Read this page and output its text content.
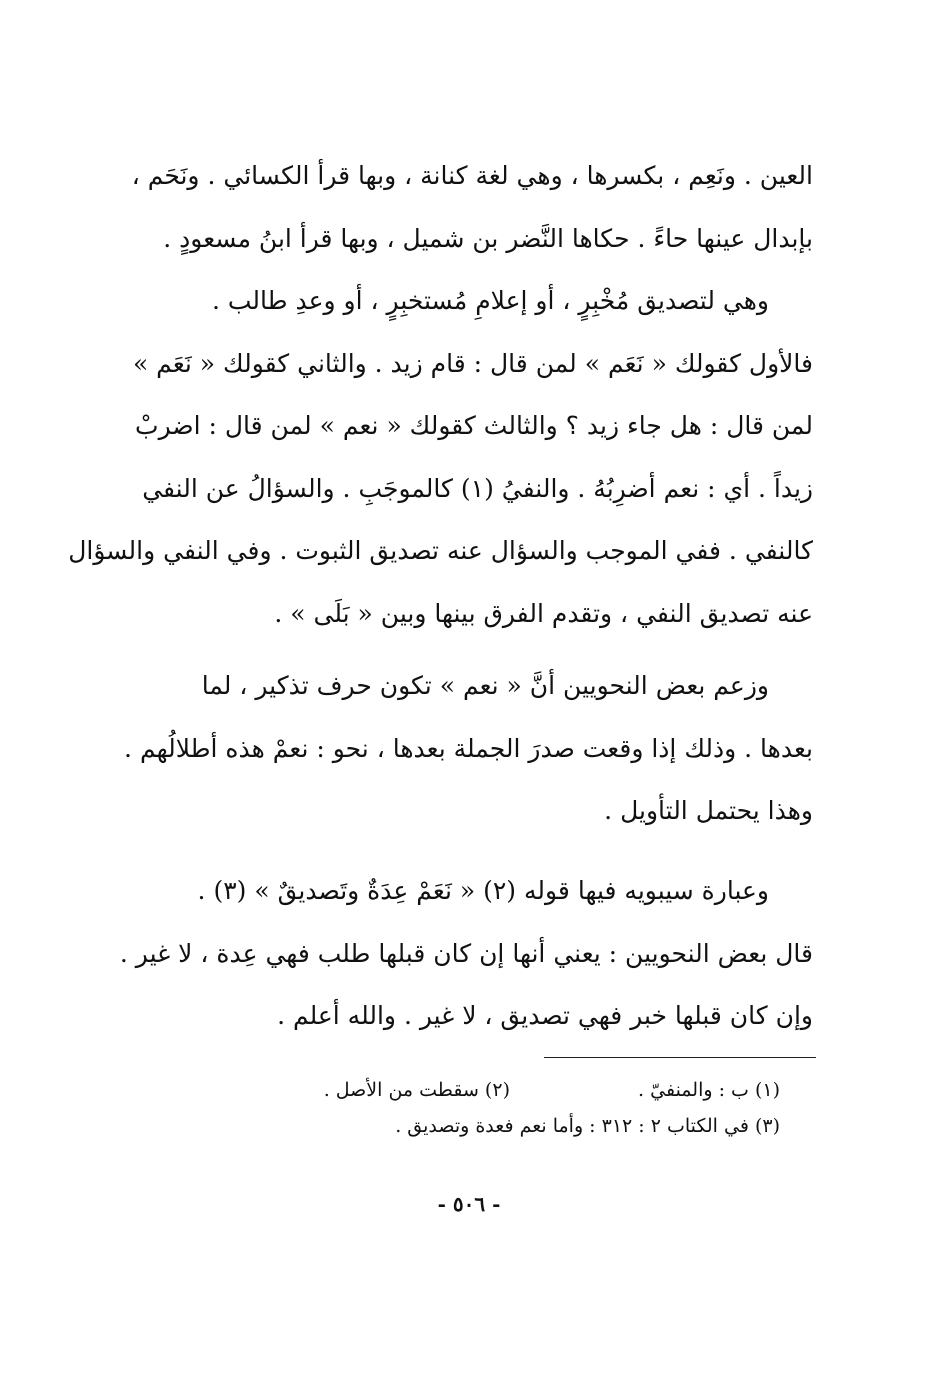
العين . ونَعِم ، بكسرها ، وهي لغة كنانة ، وبها قرأ الكسائي . ونَحَم ،
بإبدال عينها حاءً . حكاها النَّضر بن شميل ، وبها قرأ ابنُ مسعودٍ .
وهي لتصديق مُخْبِرٍ ، أو إعلامِ مُستخبِرٍ ، أو وعدِ طالب .
فالأول كقولك « نَعَم » لمن قال : قام زيد . والثاني كقولك « نَعَم »
لمن قال : هل جاء زيد ؟ والثالث كقولك « نعم » لمن قال : اضربْ
زيداً . أي : نعم أضرِبُهُ . والنفيُ (١) كالموجَبِ . والسؤالُ عن النفي
كالنفي . ففي الموجب والسؤال عنه تصديق الثبوت . وفي النفي والسؤال
عنه تصديق النفي ، وتقدم الفرق بينها وبين « بَلَى » .
وزعم بعض النحويين أنَّ « نعم » تكون حرف تذكير ، لما
بعدها . وذلك إذا وقعت صدرَ الجملة بعدها ، نحو : نعمْ هذه أطلالُهم .
وهذا يحتمل التأويل .
وعبارة سيبويه فيها قوله (٢) « نَعَمْ عِدَةٌ وتَصديقٌ » (٣) .
قال بعض النحويين : يعني أنها إن كان قبلها طلب فهي عِدة ، لا غير .
وإن كان قبلها خبر فهي تصديق ، لا غير . والله أعلم .
(١) ب : والمنفيّ .
(٢) سقطت من الأصل .
(٣) في الكتاب ٢ : ٣١٢ : وأما نعم فعدة وتصديق .
- ٥٠٦ -
